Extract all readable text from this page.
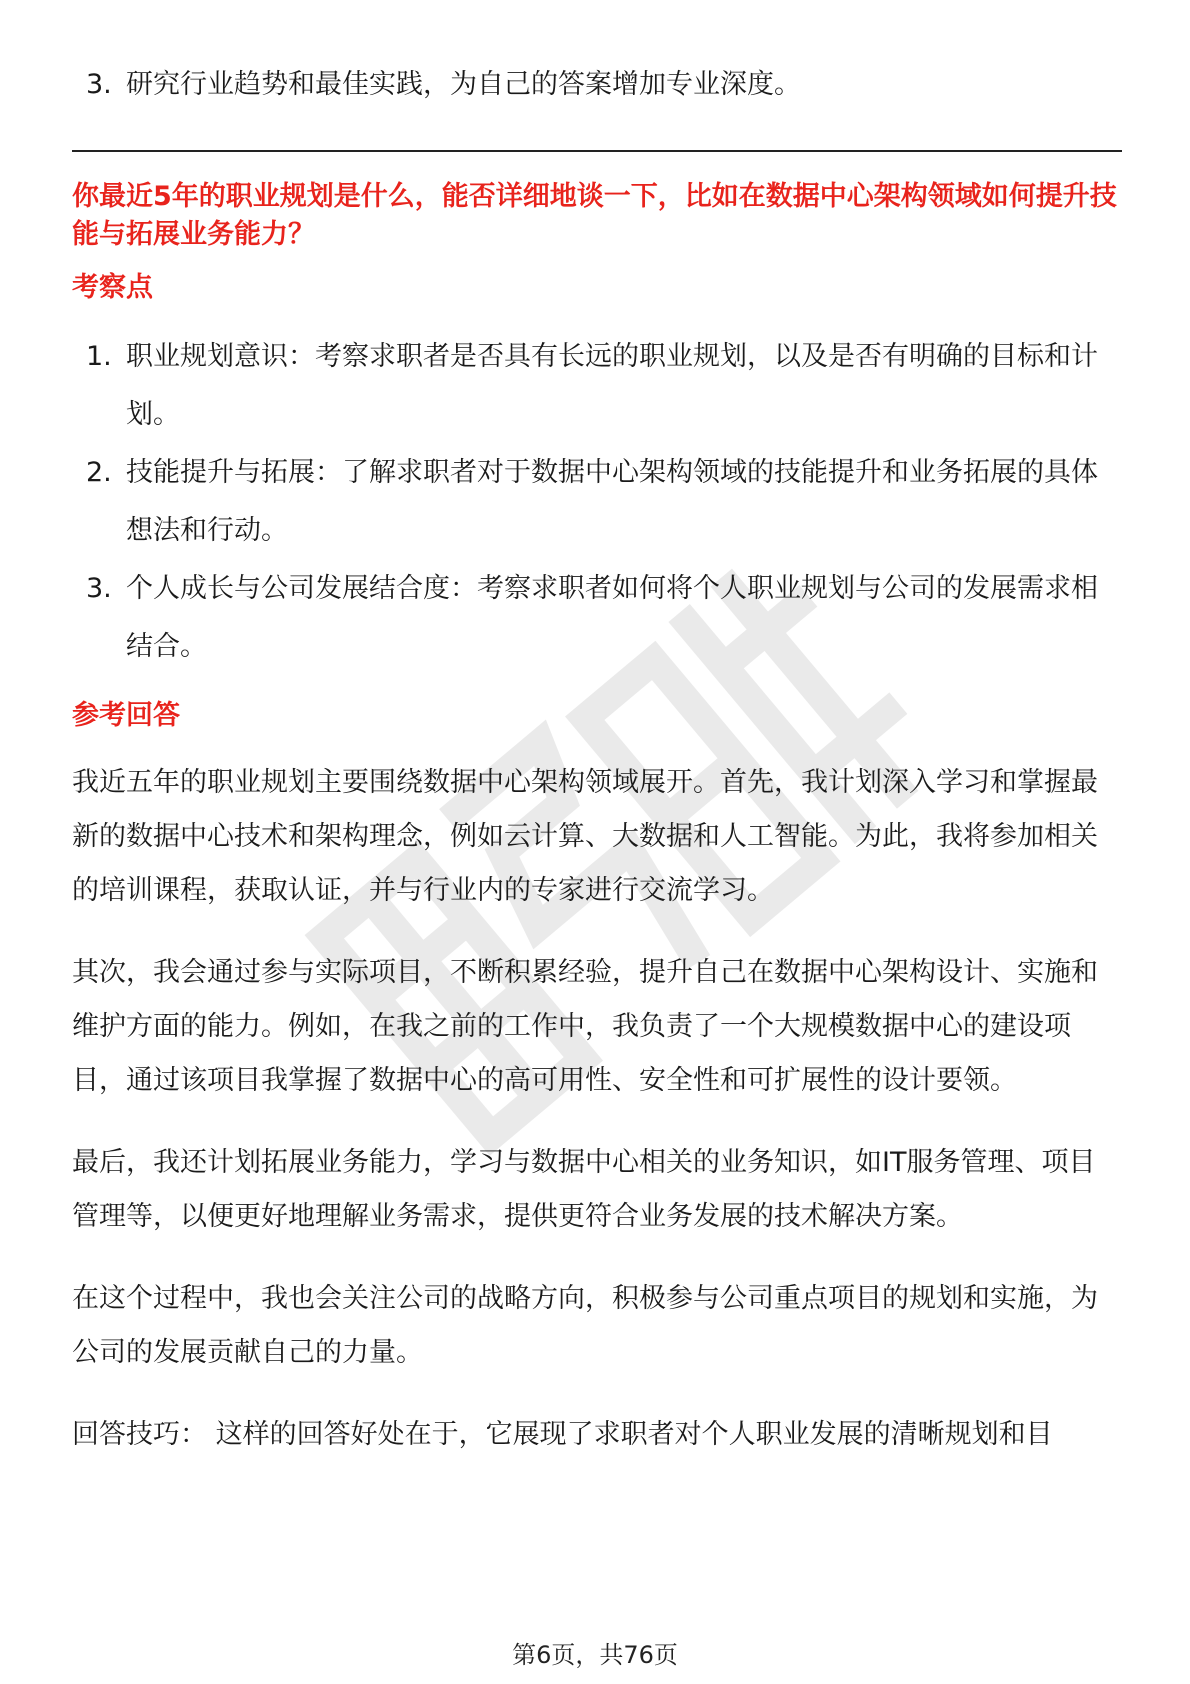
3. 研究行业趋势和最佳实践，为自己的答案增加专业深度。
你最近5年的职业规划是什么，能否详细地谈一下，比如在数据中心架构领域如何提升技能与拓展业务能力？
考察点
1. 职业规划意识：考察求职者是否具有长远的职业规划，以及是否有明确的目标和计划。
2. 技能提升与拓展：了解求职者对于数据中心架构领域的技能提升和业务拓展的具体想法和行动。
3. 个人成长与公司发展结合度：考察求职者如何将个人职业规划与公司的发展需求相结合。
参考回答

我近五年的职业规划主要围绕数据中心架构领域展开。首先，我计划深入学习和掌握最新的数据中心技术和架构理念，例如云计算、大数据和人工智能。为此，我将参加相关的培训课程，获取认证，并与行业内的专家进行交流学习。

其次，我会通过参与实际项目，不断积累经验，提升自己在数据中心架构设计、实施和维护方面的能力。例如，在我之前的工作中，我负责了一个大规模数据中心的建设项目，通过该项目我掌握了数据中心的高可用性、安全性和可扩展性的设计要领。

最后，我还计划拓展业务能力，学习与数据中心相关的业务知识，如IT服务管理、项目管理等，以便更好地理解业务需求，提供更符合业务发展的技术解决方案。

在这个过程中，我也会关注公司的战略方向，积极参与公司重点项目的规划和实施，为公司的发展贡献自己的力量。

回答技巧： 这样的回答好处在于，它展现了求职者对个人职业发展的清晰规划和目

第6页，共76页
